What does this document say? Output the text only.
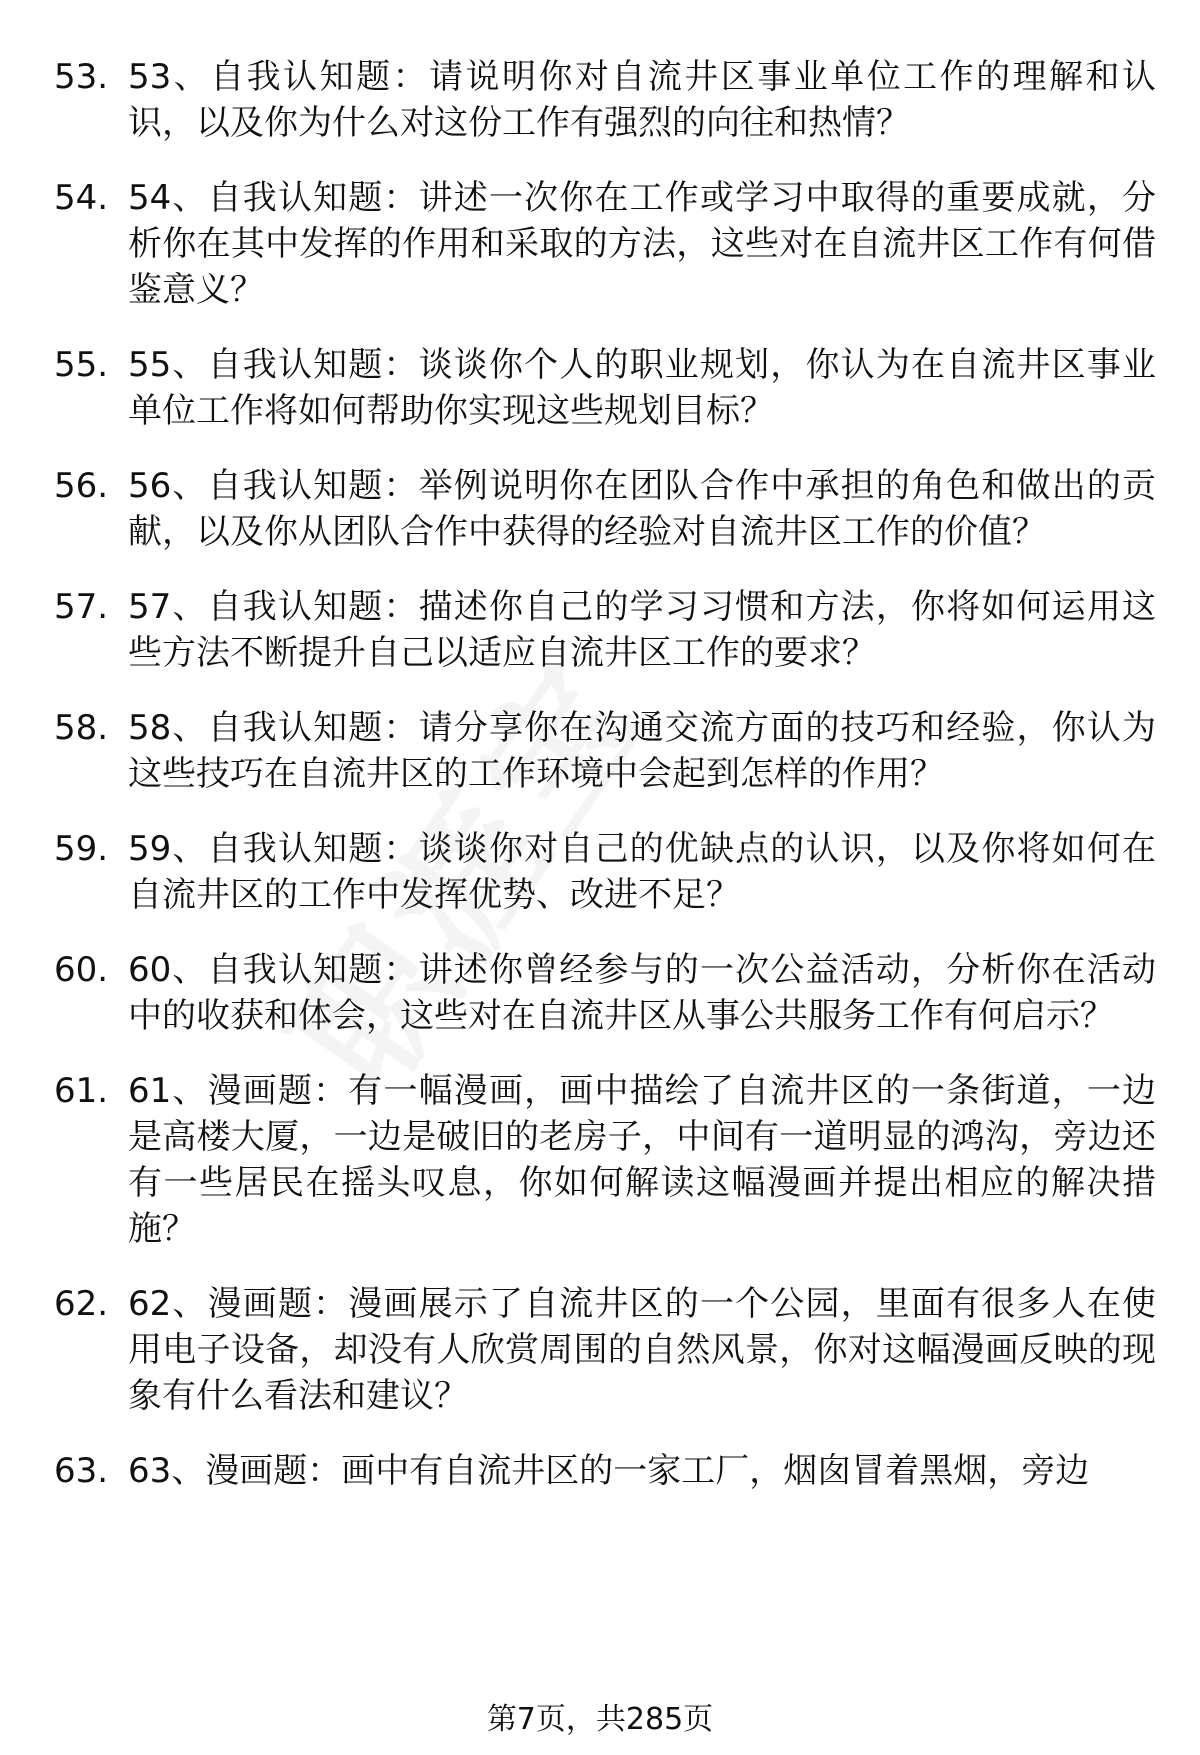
53. 53、自我认知题：请说明你对自流井区事业单位工作的理解和认识，以及你为什么对这份工作有强烈的向往和热情？
54. 54、自我认知题：讲述一次你在工作或学习中取得的重要成就，分析你在其中发挥的作用和采取的方法，这些对在自流井区工作有何借鉴意义？
55. 55、自我认知题：谈谈你个人的职业规划，你认为在自流井区事业单位工作将如何帮助你实现这些规划目标？
56. 56、自我认知题：举例说明你在团队合作中承担的角色和做出的贡献，以及你从团队合作中获得的经验对自流井区工作的价值？
57. 57、自我认知题：描述你自己的学习习惯和方法，你将如何运用这些方法不断提升自己以适应自流井区工作的要求？
58. 58、自我认知题：请分享你在沟通交流方面的技巧和经验，你认为这些技巧在自流井区的工作环境中会起到怎样的作用？
59. 59、自我认知题：谈谈你对自己的优缺点的认识，以及你将如何在自流井区的工作中发挥优势、改进不足？
60. 60、自我认知题：讲述你曾经参与的一次公益活动，分析你在活动中的收获和体会，这些对在自流井区从事公共服务工作有何启示？
61. 61、漫画题：有一幅漫画，画中描绘了自流井区的一条街道，一边是高楼大厦，一边是破旧的老房子，中间有一道明显的鸿沟，旁边还有一些居民在摇头叹息，你如何解读这幅漫画并提出相应的解决措施？
62. 62、漫画题：漫画展示了自流井区的一个公园，里面有很多人在使用电子设备，却没有人欣赏周围的自然风景，你对这幅漫画反映的现象有什么看法和建议？
63. 63、漫画题：画中有自流井区的一家工厂，烟囱冒着黑烟，旁边
第7页，共285页
